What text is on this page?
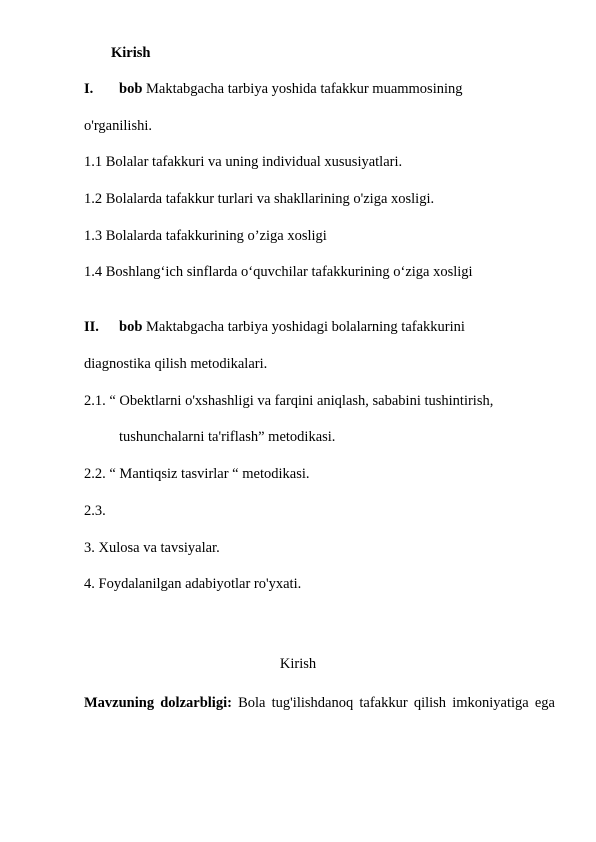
Kirish
I. bob Maktabgacha tarbiya yoshida tafakkur muammosining
o'rganilishi.
1.1 Bolalar tafakkuri va uning individual xususiyatlari.
1.2 Bolalarda tafakkur turlari va shakllarining o'ziga xosligi.
1.3 Bolalarda tafakkurining o’ziga xosligi
1.4 Boshlang‘ich sinflarda o‘quvchilar tafakkurining o‘ziga xosligi
II. bob Maktabgacha tarbiya yoshidagi bolalarning tafakkurini
diagnostika qilish metodikalari.
2.1. “ Obektlarni o'xshashligi va farqini aniqlash, sababini tushintirish,
tushunchalarni ta'riflash” metodikasi.
2.2. “ Mantiqsiz tasvirlar “ metodikasi.
2.3.
3. Xulosa va tavsiyalar.
4. Foydalanilgan adabiyotlar ro'yxati.
Kirish
Mavzuning dolzarbligi: Bola tug'ilishdanoq tafakkur qilish imkoniyatiga ega
